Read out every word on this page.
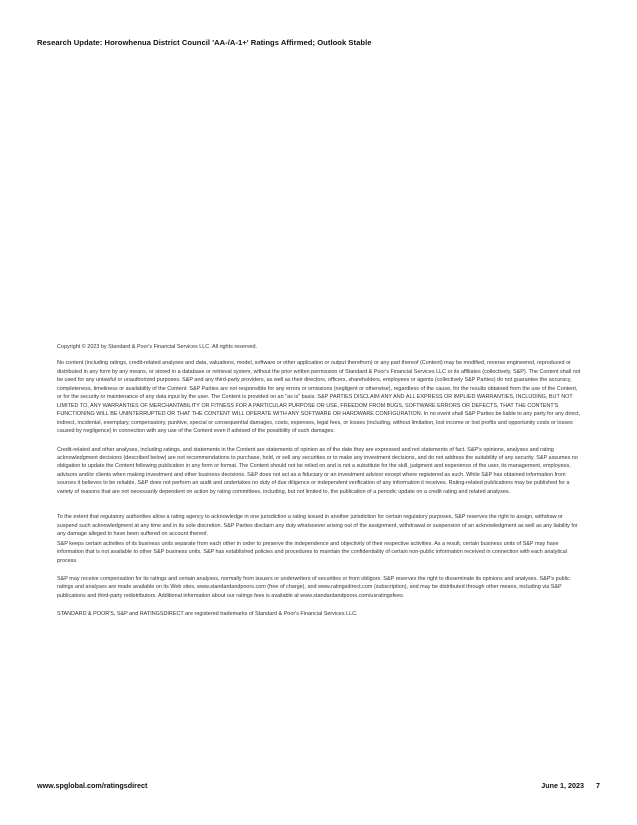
Research Update: Horowhenua District Council 'AA-/A-1+' Ratings Affirmed; Outlook Stable

Copyright © 2023 by Standard & Poor's Financial Services LLC. All rights reserved.

No content (including ratings, credit-related analyses and data, valuations, model, software or other application or output therefrom) or any part thereof (Content) may be modified, reverse engineered, reproduced or distributed in any form by any means, or stored in a database or retrieval system, without the prior written permission of Standard & Poor's Financial Services LLC or its affiliates (collectively, S&P). The Content shall not be used for any unlawful or unauthorized purposes. S&P and any third-party providers, as well as their directors, officers, shareholders, employees or agents (collectively S&P Parties) do not guarantee the accuracy, completeness, timeliness or availability of the Content. S&P Parties are not responsible for any errors or omissions (negligent or otherwise), regardless of the cause, for the results obtained from the use of the Content, or for the security or maintenance of any data input by the user. The Content is provided on an "as is" basis. S&P PARTIES DISCLAIM ANY AND ALL EXPRESS OR IMPLIED WARRANTIES, INCLUDING, BUT NOT LIMITED TO, ANY WARRANTIES OF MERCHANTABILITY OR FITNESS FOR A PARTICULAR PURPOSE OR USE, FREEDOM FROM BUGS, SOFTWARE ERRORS OR DEFECTS, THAT THE CONTENT'S FUNCTIONING WILL BE UNINTERRUPTED OR THAT THE CONTENT WILL OPERATE WITH ANY SOFTWARE OR HARDWARE CONFIGURATION. In no event shall S&P Parties be liable to any party for any direct, indirect, incidental, exemplary, compensatory, punitive, special or consequential damages, costs, expenses, legal fees, or losses (including, without limitation, lost income or lost profits and opportunity costs or losses caused by negligence) in connection with any use of the Content even if advised of the possibility of such damages.

Credit-related and other analyses, including ratings, and statements in the Content are statements of opinion as of the date they are expressed and not statements of fact. S&P's opinions, analyses and rating acknowledgment decisions (described below) are not recommendations to purchase, hold, or sell any securities or to make any investment decisions, and do not address the suitability of any security. S&P assumes no obligation to update the Content following publication in any form or format. The Content should not be relied on and is not a substitute for the skill, judgment and experience of the user, its management, employees, advisors and/or clients when making investment and other business decisions. S&P does not act as a fiduciary or an investment advisor except where registered as such. While S&P has obtained information from sources it believes to be reliable, S&P does not perform an audit and undertakes no duty of due diligence or independent verification of any information it receives. Rating-related publications may be published for a variety of reasons that are not necessarily dependent on action by rating committees, including, but not limited to, the publication of a periodic update on a credit rating and related analyses.

To the extent that regulatory authorities allow a rating agency to acknowledge in one jurisdiction a rating issued in another jurisdiction for certain regulatory purposes, S&P reserves the right to assign, withdraw or suspend such acknowledgment at any time and in its sole discretion. S&P Parties disclaim any duty whatsoever arising out of the assignment, withdrawal or suspension of an acknowledgment as well as any liability for any damage alleged to have been suffered on account thereof.

S&P keeps certain activities of its business units separate from each other in order to preserve the independence and objectivity of their respective activities. As a result, certain business units of S&P may have information that is not available to other S&P business units. S&P has established policies and procedures to maintain the confidentiality of certain non-public information received in connection with each analytical process.

S&P may receive compensation for its ratings and certain analyses, normally from issuers or underwriters of securities or from obligors. S&P reserves the right to disseminate its opinions and analyses. S&P's public ratings and analyses are made available on its Web sites, www.standardandpoors.com (free of charge), and www.ratingsdirect.com (subscription), and may be distributed through other means, including via S&P publications and third-party redistributors. Additional information about our ratings fees is available at www.standardandpoors.com/usratingsfees.

STANDARD & POOR'S, S&P and RATINGSDIRECT are registered trademarks of Standard & Poor's Financial Services LLC.

www.spglobal.com/ratingsdirect	June 1, 2023 7
